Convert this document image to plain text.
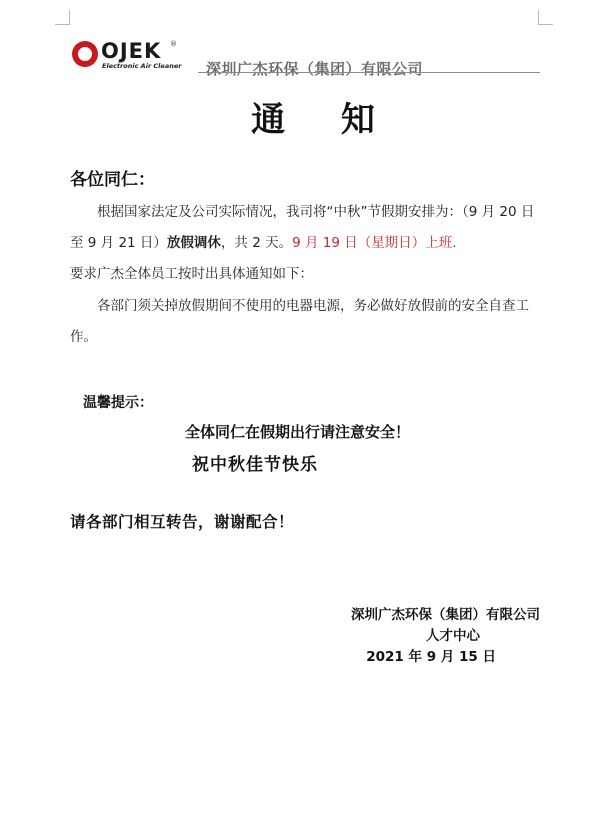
OJEK ®
Electronic Air Cleaner 深圳广杰环保（集团）有限公司
通 知
各位同仁：
根据国家法定及公司实际情况，我司将“中秋”节假期安排为：（9 月 20 日至 9 月 21 日）放假调休，共 2 天。9 月 19 日（星期日）上班.
要求广杰全体员工按时出具体通知如下：
各部门须关掉放假期间不使用的电器电源，务必做好放假前的安全自查工作。
温馨提示：
全体同仁在假期出行请注意安全！
祝中秋佳节快乐
请各部门相互转告，谢谢配合！
深圳广杰环保（集团）有限公司
人才中心
2021 年 9 月 15 日
